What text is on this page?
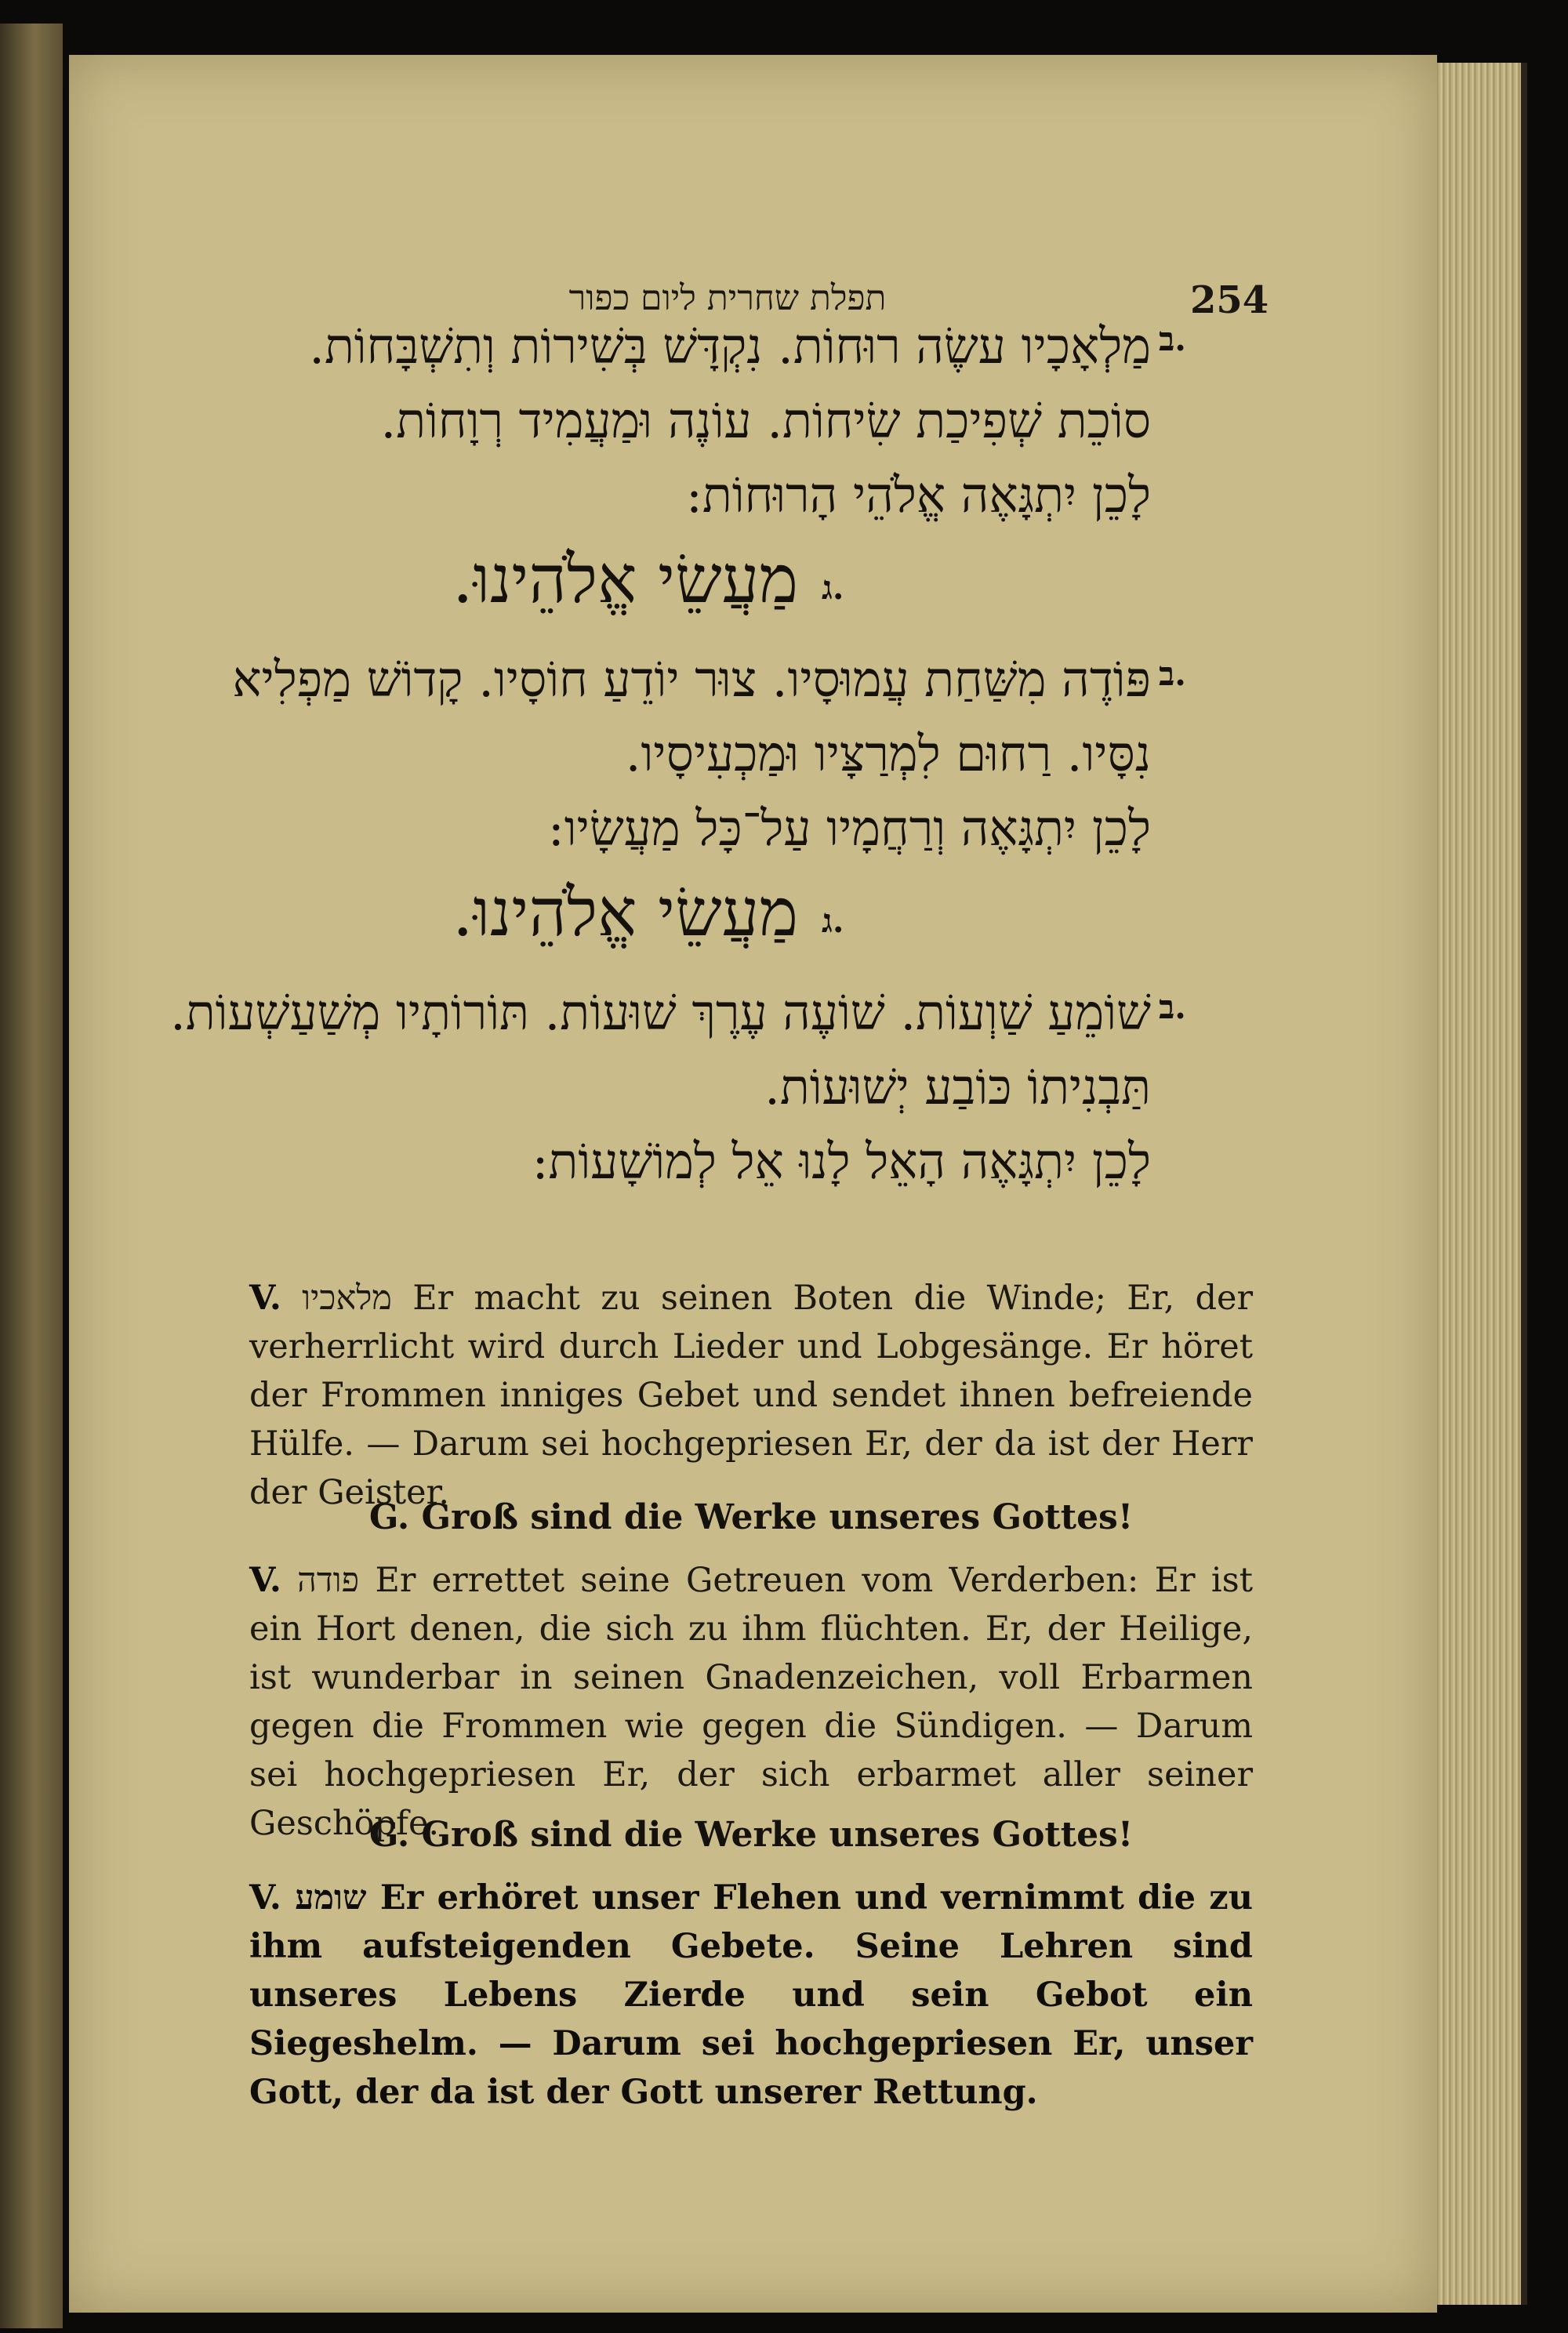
תפלת שחרית ליום כפור	254
ב.
מַלְאָכָיו עשֶׂה רוּחוֹת. נִקְדָּשׁ בְּשִׁירוֹת וְתִשְׁבָּחוֹת.
סוֹכֵת שְׁפִיכַת שִׂיחוֹת. עוֹנֶה וּמַעֲמִיד רְוָחוֹת.
לָכֵן יִתְגָּאֶה אֱלֹהֵי הָרוּחוֹת:
ג.
מַעֲשֵׂי אֱלֹהֵינוּ.
ב.
פּוֹדֶה מִשַּׁחַת עֲמוּסָיו. צוּר יוֹדֵעַ חוֹסָיו. קָדוֹשׁ מַפְלִיא
נִסָּיו. רַחוּם לִמְרַצָּיו וּמַכְעִיסָיו.
לָכֵן יִתְגָּאֶה וְרַחֲמָיו עַל־כָּל מַעֲשָׂיו:
ג.
מַעֲשֵׂי אֱלֹהֵינוּ.
ב.
שׁוֹמֵעַ שַׁוְעוֹת. שׁוֹעֶה עֶרֶךְ שׁוּעוֹת. תּוֹרוֹתָיו מְשַׁעַשְׁעוֹת.
תַּבְנִיתוֹ כּוֹבַע יְשׁוּעוֹת.
לָכֵן יִתְגָּאֶה הָאֵל לָנוּ אֵל לְמוֹשָׁעוֹת:
V. מלאכיו Er macht zu seinen Boten die Winde; Er, der verherrlicht wird durch Lieder und Lobgesänge. Er höret der Frommen inniges Gebet und sendet ihnen befreiende Hülfe. — Darum sei hochgepriesen Er, der da ist der Herr der Geister.
G. Groß sind die Werke unseres Gottes!
V. פודה Er errettet seine Getreuen vom Verderben: Er ist ein Hort denen, die sich zu ihm flüchten. Er, der Heilige, ist wunderbar in seinen Gnadenzeichen, voll Erbarmen gegen die Frommen wie gegen die Sündigen. — Darum sei hochgepriesen Er, der sich erbarmet aller seiner Geschöpfe.
G. Groß sind die Werke unseres Gottes!
V. שומע Er erhöret unser Flehen und vernimmt die zu ihm aufsteigenden Gebete. Seine Lehren sind unseres Lebens Zierde und sein Gebot ein Siegeshelm. — Darum sei hochgepriesen Er, unser Gott, der da ist der Gott unserer Rettung.
